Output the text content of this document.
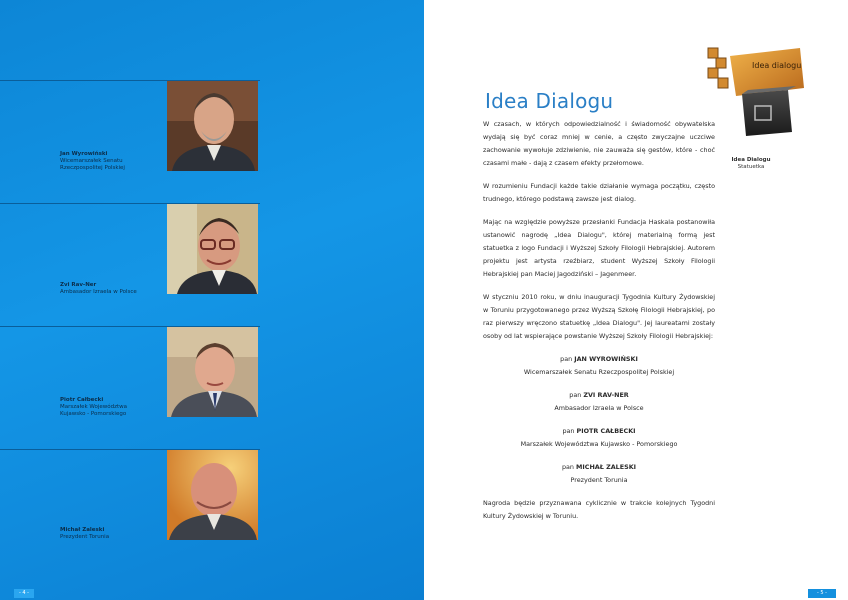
Jan Wyrowiński
Wicemarszałek Senatu
Rzeczpospolitej Polskiej
Zvi Rav-Ner
Ambasador Izraela w Polsce
Piotr Całbecki
Marszałek Województwa
Kujawsko - Pomorskiego
Michał Zaleski
Prezydent Torunia
- 4 -
Idea Dialogu

W czasach, w których odpowiedzialność i świadomość obywatelska wydają się być coraz mniej w cenie, a często zwyczajne uczciwe zachowanie wywołuje zdziwienie, nie zauważa się gestów, które - choć czasami małe - dają z czasem efekty przełomowe.

W rozumieniu Fundacji każde takie działanie wymaga początku, często trudnego, którego podstawą zawsze jest dialog.

Mając na względzie powyższe przesłanki Fundacja Haskala postanowiła ustanowić nagrodę „Idea Dialogu", której materialną formą jest statuetka z logo Fundacji i Wyższej Szkoły Filologii Hebrajskiej. Autorem projektu jest artysta rzeźbiarz, student Wyższej Szkoły Filologii Hebrajskiej pan Maciej Jagodziński – Jagenmeer.

W styczniu 2010 roku, w dniu inauguracji Tygodnia Kultury Żydowskiej w Toruniu przygotowanego przez Wyższą Szkołę Filologii Hebrajskiej, po raz pierwszy wręczono statuetkę „Idea Dialogu". Jej laureatami zostały osoby od lat wspierające powstanie Wyższej Szkoły Filologii Hebrajskiej:

pan JAN WYROWIŃSKI
Wicemarszałek Senatu Rzeczpospolitej Polskiej
pan ZVI RAV-NER
Ambasador Izraela w Polsce
pan PIOTR CAŁBECKI
Marszałek Województwa Kujawsko - Pomorskiego
pan MICHAŁ ZALESKI
Prezydent Torunia

Nagroda będzie przyznawana cyklicznie w trakcie kolejnych Tygodni Kultury Żydowskiej w Toruniu.

Idea dialogu
Idea Dialogu
Statuetka
- 5 -
